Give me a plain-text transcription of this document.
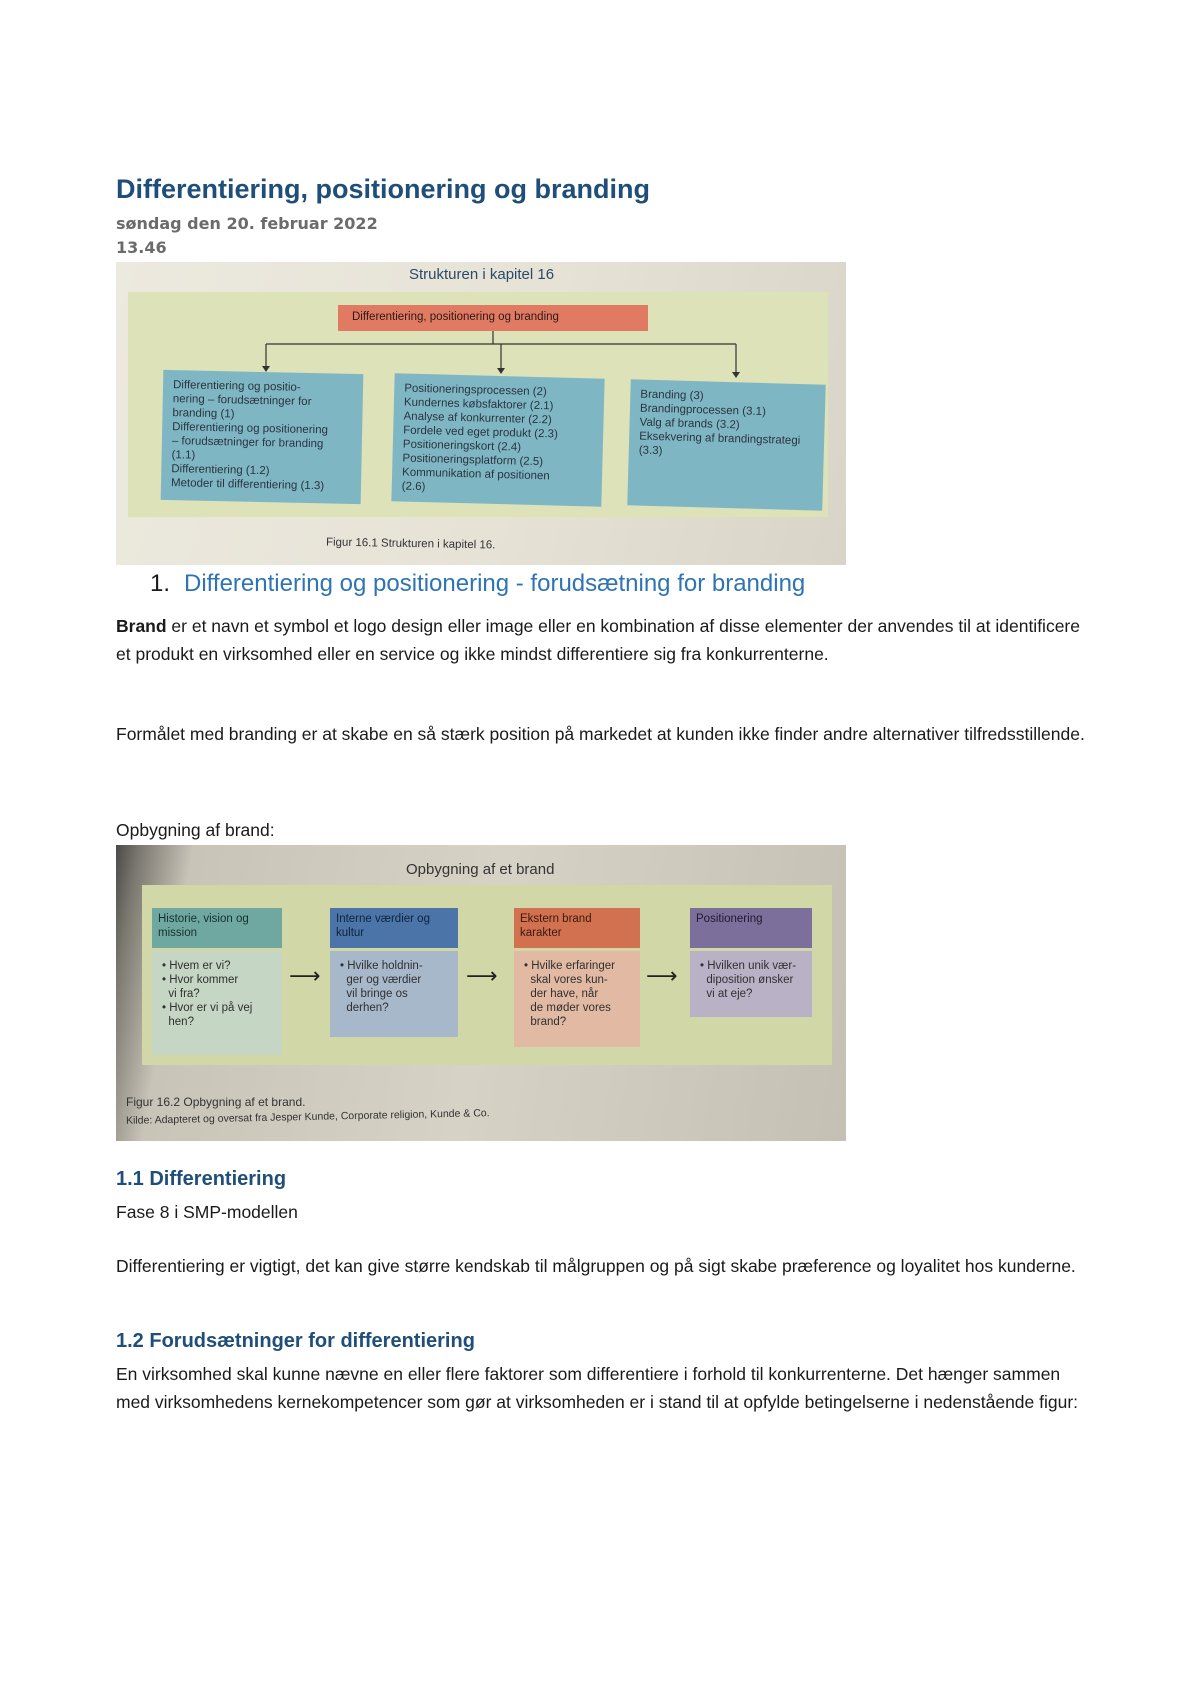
Differentiering, positionering og branding
søndag den 20. februar 2022
13.46
Strukturen i kapitel 16
Differentiering, positionering og branding
Differentiering og positio-
nering – forudsætninger for
branding (1)
Differentiering og positionering
– forudsætninger for branding
(1.1)
Differentiering (1.2)
Metoder til differentiering (1.3)
Positioneringsprocessen (2)
Kundernes købsfaktorer (2.1)
Analyse af konkurrenter (2.2)
Fordele ved eget produkt (2.3)
Positioneringskort (2.4)
Positioneringsplatform (2.5)
Kommunikation af positionen
(2.6)
Branding (3)
Brandingprocessen (3.1)
Valg af brands (3.2)
Eksekvering af brandingstrategi
(3.3)
Figur 16.1 Strukturen i kapitel 16.
1. Differentiering og positionering - forudsætning for branding

Brand er et navn et symbol et logo design eller image eller en kombination af disse elementer der anvendes til at identificere et produkt en virksomhed eller en service og ikke mindst differentiere sig fra konkurrenterne.

Formålet med branding er at skabe en så stærk position på markedet at kunden ikke finder andre alternativer tilfredsstillende.

Opbygning af brand:

Opbygning af et brand
Historie, vision og
mission
• Hvem er vi?
• Hvor kommer
vi fra?
• Hvor er vi på vej
hen?
⟶
Interne værdier og
kultur
• Hvilke holdnin-
ger og værdier
vil bringe os
derhen?
⟶
Ekstern brand
karakter
• Hvilke erfaringer
skal vores kun-
der have, når
de møder vores
brand?
⟶
Positionering
• Hvilken unik vær-
diposition ønsker
vi at eje?
Figur 16.2 Opbygning af et brand.
Kilde: Adapteret og oversat fra Jesper Kunde, Corporate religion, Kunde & Co.
1.1 Differentiering

Fase 8 i SMP-modellen

Differentiering er vigtigt, det kan give større kendskab til målgruppen og på sigt skabe præference og loyalitet hos kunderne.

1.2 Forudsætninger for differentiering

En virksomhed skal kunne nævne en eller flere faktorer som differentiere i forhold til konkurrenterne. Det hænger sammen med virksomhedens kernekompetencer som gør at virksomheden er i stand til at opfylde betingelserne i nedenstående figur:
